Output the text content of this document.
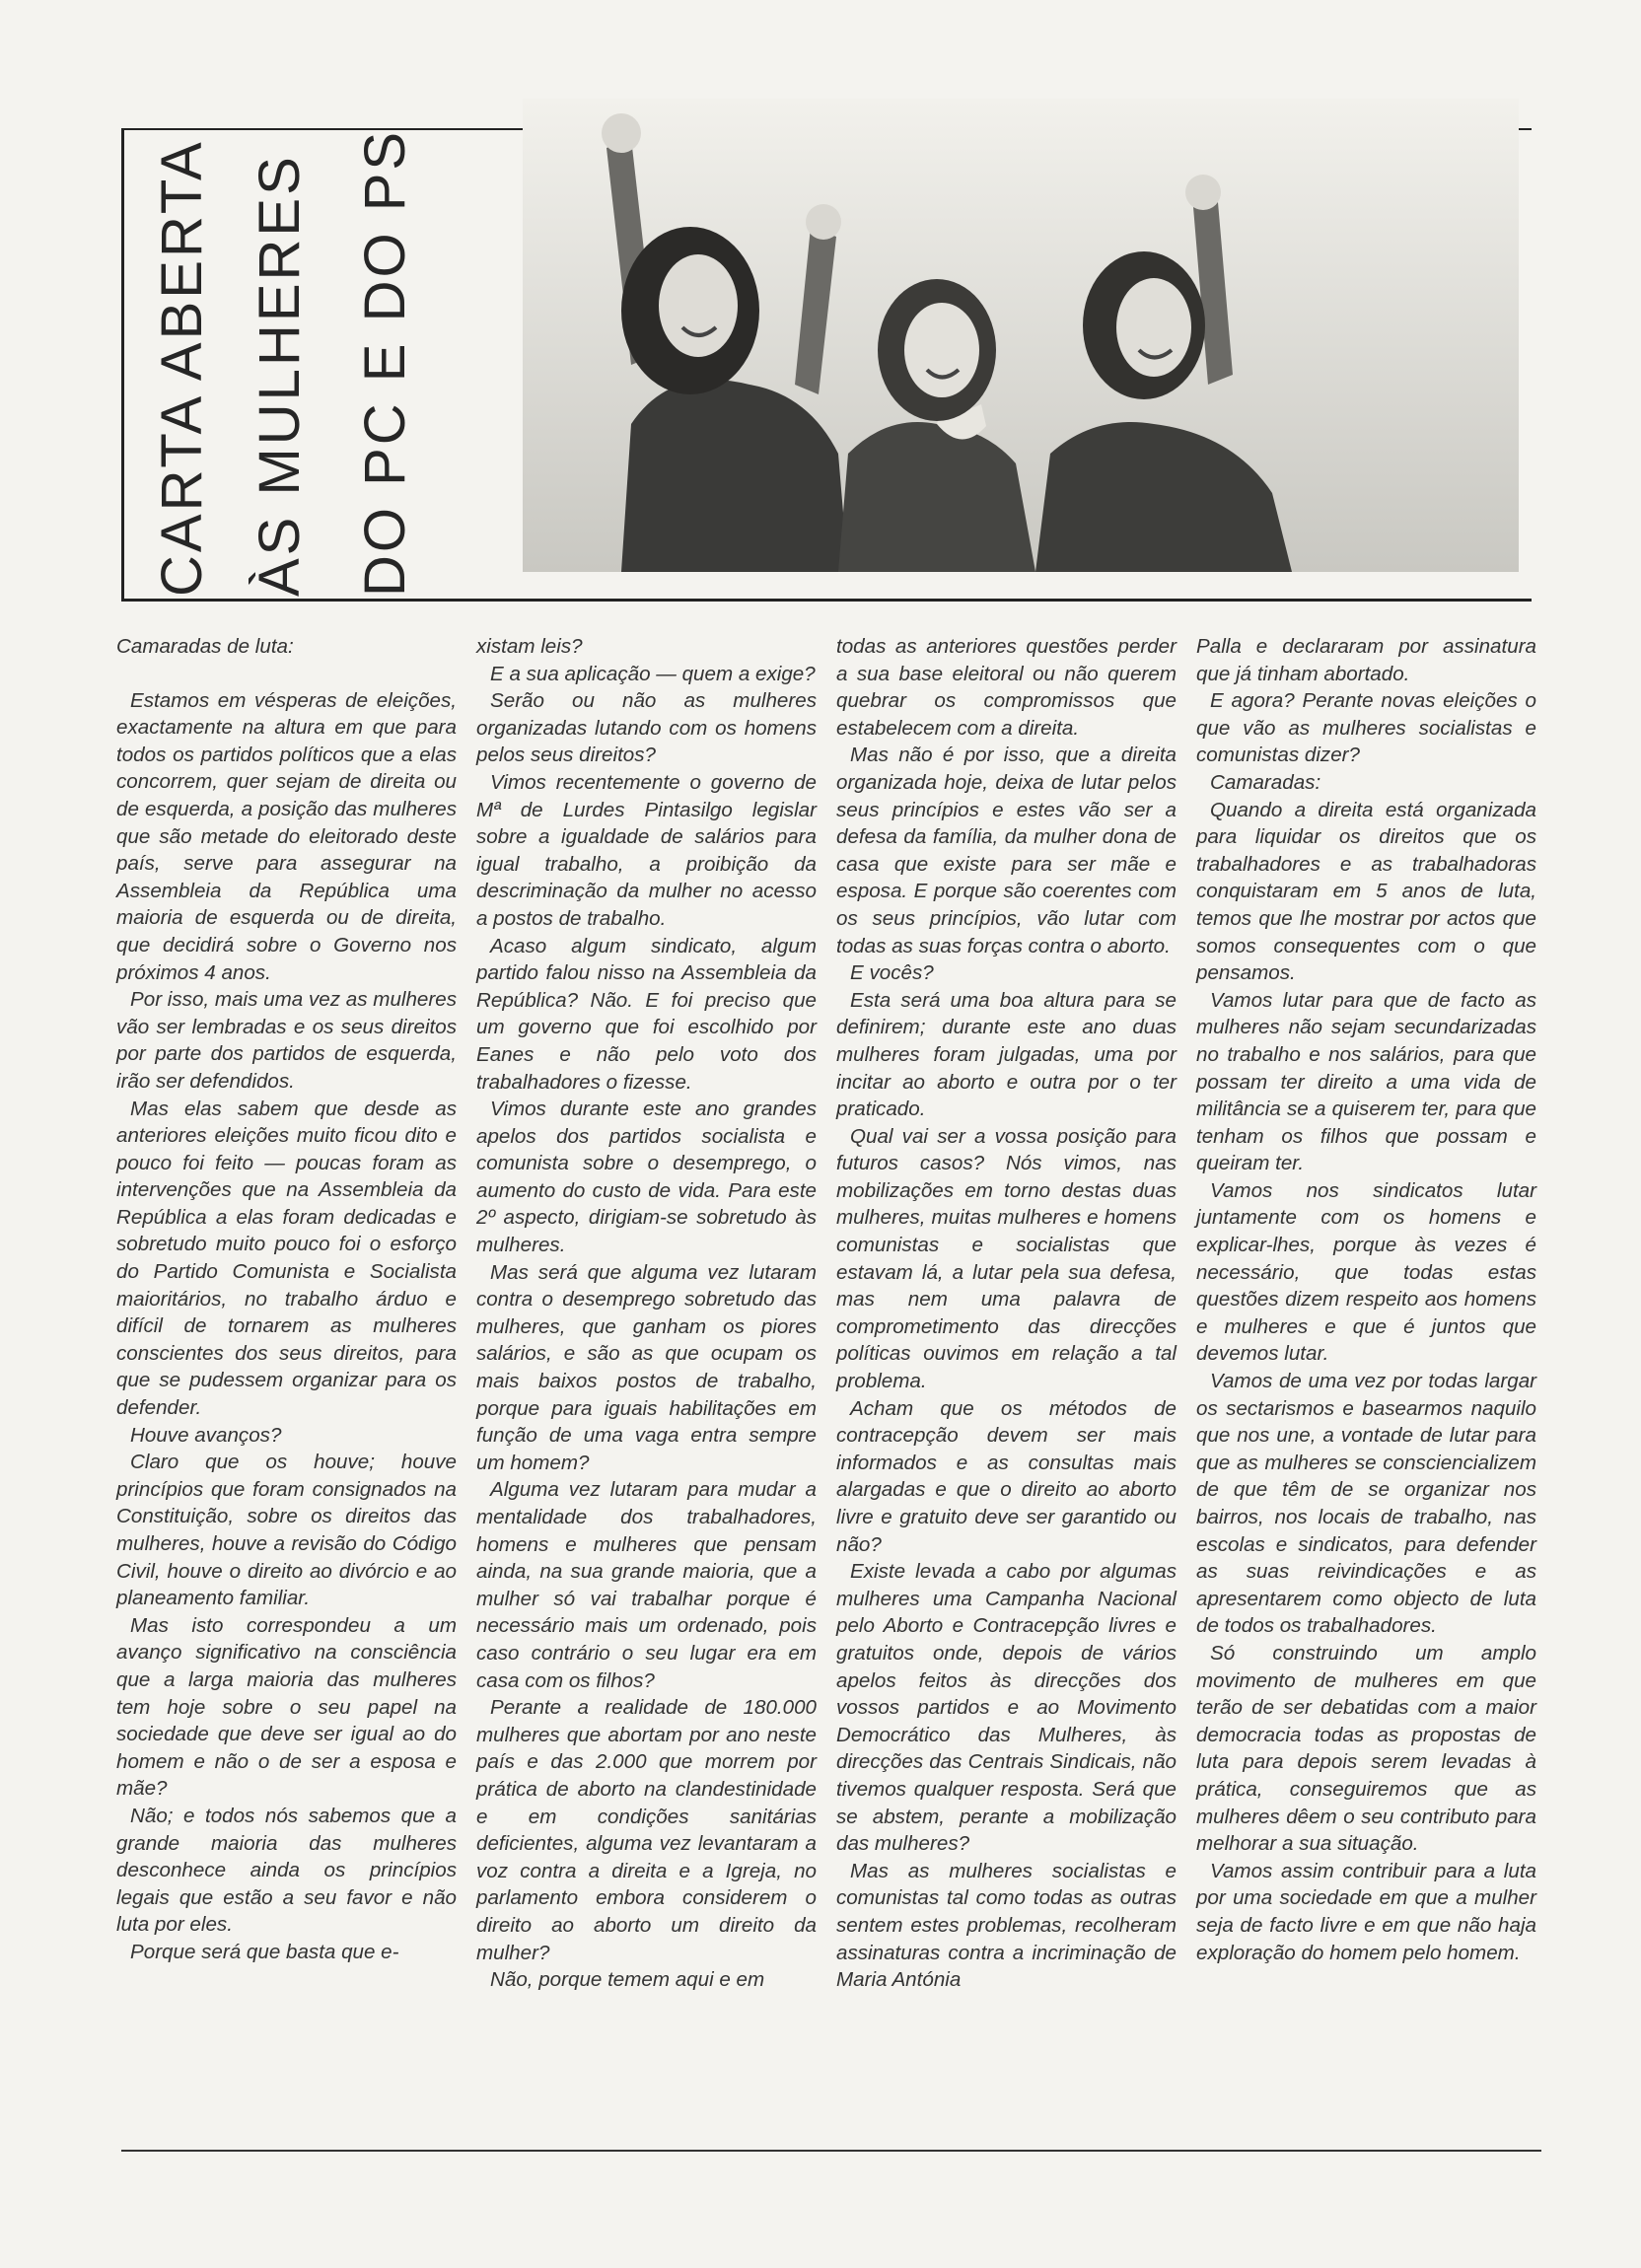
CARTA ABERTA ÀS MULHERES DO PC E DO PS

Camaradas de luta:

Estamos em vésperas de eleições, exactamente na altura em que para todos os partidos políticos que a elas concorrem, quer sejam de direita ou de esquerda, a posição das mulheres que são metade do eleitorado deste país, serve para assegurar na Assembleia da República uma maioria de esquerda ou de direita, que decidirá sobre o Governo nos próximos 4 anos.

Por isso, mais uma vez as mulheres vão ser lembradas e os seus direitos por parte dos partidos de esquerda, irão ser defendidos.

Mas elas sabem que desde as anteriores eleições muito ficou dito e pouco foi feito — poucas foram as intervenções que na Assembleia da República a elas foram dedicadas e sobretudo muito pouco foi o esforço do Partido Comunista e Socialista maioritários, no trabalho árduo e difícil de tornarem as mulheres conscientes dos seus direitos, para que se pudessem organizar para os defender.

Houve avanços?

Claro que os houve; houve princípios que foram consignados na Constituição, sobre os direitos das mulheres, houve a revisão do Código Civil, houve o direito ao divórcio e ao planeamento familiar.

Mas isto correspondeu a um avanço significativo na consciência que a larga maioria das mulheres tem hoje sobre o seu papel na sociedade que deve ser igual ao do homem e não o de ser a esposa e mãe?

Não; e todos nós sabemos que a grande maioria das mulheres desconhece ainda os princípios legais que estão a seu favor e não luta por eles.

Porque será que basta que e-

xistam leis?

E a sua aplicação — quem a exige?

Serão ou não as mulheres organizadas lutando com os homens pelos seus direitos?

Vimos recentemente o governo de Mª de Lurdes Pintasilgo legislar sobre a igualdade de salários para igual trabalho, a proibição da descriminação da mulher no acesso a postos de trabalho.

Acaso algum sindicato, algum partido falou nisso na Assembleia da República? Não. E foi preciso que um governo que foi escolhido por Eanes e não pelo voto dos trabalhadores o fizesse.

Vimos durante este ano grandes apelos dos partidos socialista e comunista sobre o desemprego, o aumento do custo de vida. Para este 2º aspecto, dirigiam-se sobretudo às mulheres.

Mas será que alguma vez lutaram contra o desemprego sobretudo das mulheres, que ganham os piores salários, e são as que ocupam os mais baixos postos de trabalho, porque para iguais habilitações em função de uma vaga entra sempre um homem?

Alguma vez lutaram para mudar a mentalidade dos trabalhadores, homens e mulheres que pensam ainda, na sua grande maioria, que a mulher só vai trabalhar porque é necessário mais um ordenado, pois caso contrário o seu lugar era em casa com os filhos?

Perante a realidade de 180.000 mulheres que abortam por ano neste país e das 2.000 que morrem por prática de aborto na clandestinidade e em condições sanitárias deficientes, alguma vez levantaram a voz contra a direita e a Igreja, no parlamento embora considerem o direito ao aborto um direito da mulher?

Não, porque temem aqui e em

todas as anteriores questões perder a sua base eleitoral ou não querem quebrar os compromissos que estabelecem com a direita.

Mas não é por isso, que a direita organizada hoje, deixa de lutar pelos seus princípios e estes vão ser a defesa da família, da mulher dona de casa que existe para ser mãe e esposa. E porque são coerentes com os seus princípios, vão lutar com todas as suas forças contra o aborto.

E vocês?

Esta será uma boa altura para se definirem; durante este ano duas mulheres foram julgadas, uma por incitar ao aborto e outra por o ter praticado.

Qual vai ser a vossa posição para futuros casos? Nós vimos, nas mobilizações em torno destas duas mulheres, muitas mulheres e homens comunistas e socialistas que estavam lá, a lutar pela sua defesa, mas nem uma palavra de comprometimento das direcções políticas ouvimos em relação a tal problema.

Acham que os métodos de contracepção devem ser mais informados e as consultas mais alargadas e que o direito ao aborto livre e gratuito deve ser garantido ou não?

Existe levada a cabo por algumas mulheres uma Campanha Nacional pelo Aborto e Contracepção livres e gratuitos onde, depois de vários apelos feitos às direcções dos vossos partidos e ao Movimento Democrático das Mulheres, às direcções das Centrais Sindicais, não tivemos qualquer resposta. Será que se abstem, perante a mobilização das mulheres?

Mas as mulheres socialistas e comunistas tal como todas as outras sentem estes problemas, recolheram assinaturas contra a incriminação de Maria Antónia

Palla e declararam por assinatura que já tinham abortado.

E agora? Perante novas eleições o que vão as mulheres socialistas e comunistas dizer?

Camaradas:

Quando a direita está organizada para liquidar os direitos que os trabalhadores e as trabalhadoras conquistaram em 5 anos de luta, temos que lhe mostrar por actos que somos consequentes com o que pensamos.

Vamos lutar para que de facto as mulheres não sejam secundarizadas no trabalho e nos salários, para que possam ter direito a uma vida de militância se a quiserem ter, para que tenham os filhos que possam e queiram ter.

Vamos nos sindicatos lutar juntamente com os homens e explicar-lhes, porque às vezes é necessário, que todas estas questões dizem respeito aos homens e mulheres e que é juntos que devemos lutar.

Vamos de uma vez por todas largar os sectarismos e basearmos naquilo que nos une, a vontade de lutar para que as mulheres se consciencializem de que têm de se organizar nos bairros, nos locais de trabalho, nas escolas e sindicatos, para defender as suas reivindicações e as apresentarem como objecto de luta de todos os trabalhadores.

Só construindo um amplo movimento de mulheres em que terão de ser debatidas com a maior democracia todas as propostas de luta para depois serem levadas à prática, conseguiremos que as mulheres dêem o seu contributo para melhorar a sua situação.

Vamos assim contribuir para a luta por uma sociedade em que a mulher seja de facto livre e em que não haja exploração do homem pelo homem.
